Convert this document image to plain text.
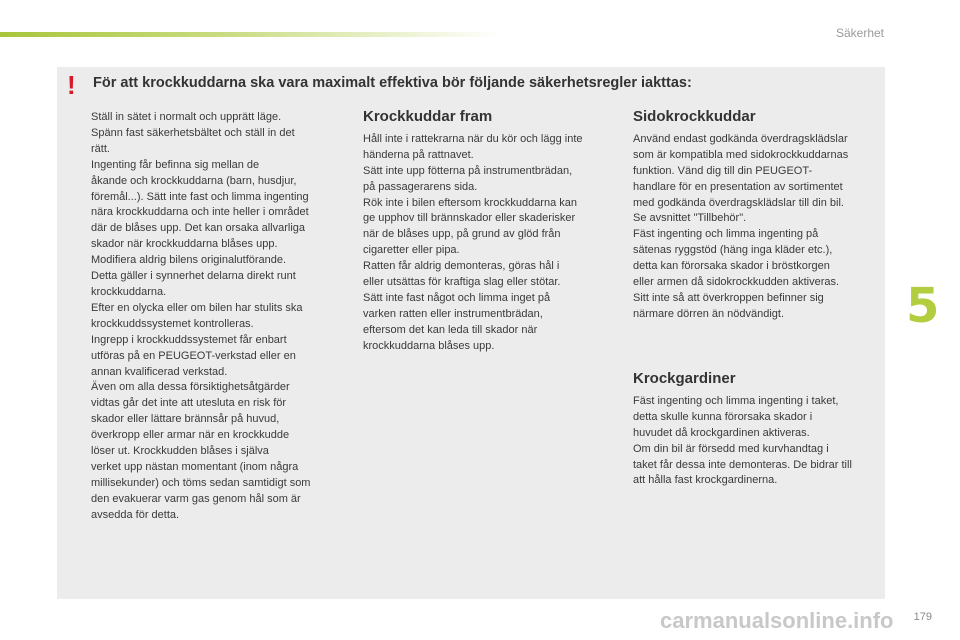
Säkerhet
! För att krockkuddarna ska vara maximalt effektiva bör följande säkerhetsregler iakttas:

Ställ in sätet i normalt och upprätt läge.

Spänn fast säkerhetsbältet och ställ in det

rätt.

Ingenting får befinna sig mellan de

åkande och krockkuddarna (barn, husdjur,

föremål...). Sätt inte fast och limma ingenting

nära krockkuddarna och inte heller i området

där de blåses upp. Det kan orsaka allvarliga

skador när krockkuddarna blåses upp.

Modifiera aldrig bilens originalutförande.

Detta gäller i synnerhet delarna direkt runt

krockkuddarna.

Efter en olycka eller om bilen har stulits ska

krockkuddssystemet kontrolleras.

Ingrepp i krockkuddssystemet får enbart

utföras på en PEUGEOT-verkstad eller en

annan kvalificerad verkstad.

Även om alla dessa försiktighetsåtgärder

vidtas går det inte att utesluta en risk för

skador eller lättare brännsår på huvud,

överkropp eller armar när en krockkudde

löser ut. Krockkudden blåses i själva

verket upp nästan momentant (inom några

millisekunder) och töms sedan samtidigt som

den evakuerar varm gas genom hål som är

avsedda för detta.

Krockkuddar fram

Håll inte i rattekrarna när du kör och lägg inte

händerna på rattnavet.

Sätt inte upp fötterna på instrumentbrädan,

på passagerarens sida.

Rök inte i bilen eftersom krockkuddarna kan

ge upphov till brännskador eller skaderisker

när de blåses upp, på grund av glöd från

cigaretter eller pipa.

Ratten får aldrig demonteras, göras hål i

eller utsättas för kraftiga slag eller stötar.

Sätt inte fast något och limma inget på

varken ratten eller instrumentbrädan,

eftersom det kan leda till skador när

krockkuddarna blåses upp.

Sidokrockkuddar

Använd endast godkända överdragsklädslar

som är kompatibla med sidokrockkuddarnas

funktion. Vänd dig till din PEUGEOT-

handlare för en presentation av sortimentet

med godkända överdragsklädslar till din bil.

Se avsnittet "Tillbehör".

Fäst ingenting och limma ingenting på

sätenas ryggstöd (häng inga kläder etc.),

detta kan förorsaka skador i bröstkorgen

eller armen då sidokrockkudden aktiveras.

Sitt inte så att överkroppen befinner sig

närmare dörren än nödvändigt.

Krockgardiner

Fäst ingenting och limma ingenting i taket,

detta skulle kunna förorsaka skador i

huvudet då krockgardinen aktiveras.

Om din bil är försedd med kurvhandtag i

taket får dessa inte demonteras. De bidrar till

att hålla fast krockgardinerna.

5
carmanualsonline.info 179
